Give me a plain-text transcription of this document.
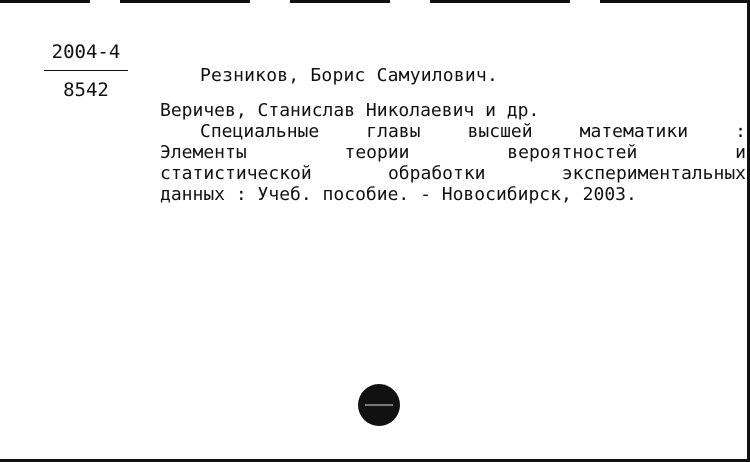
2004-4
8542
Резников, Борис Самуилович.
Веричев, Станислав Николаевич и др.
Специальные	главы	высшей	математики	:
Элементы	теории	вероятностей	и
статистической	обработки	экспериментальных
данных : Учеб. пособие. - Новосибирск, 2003.
